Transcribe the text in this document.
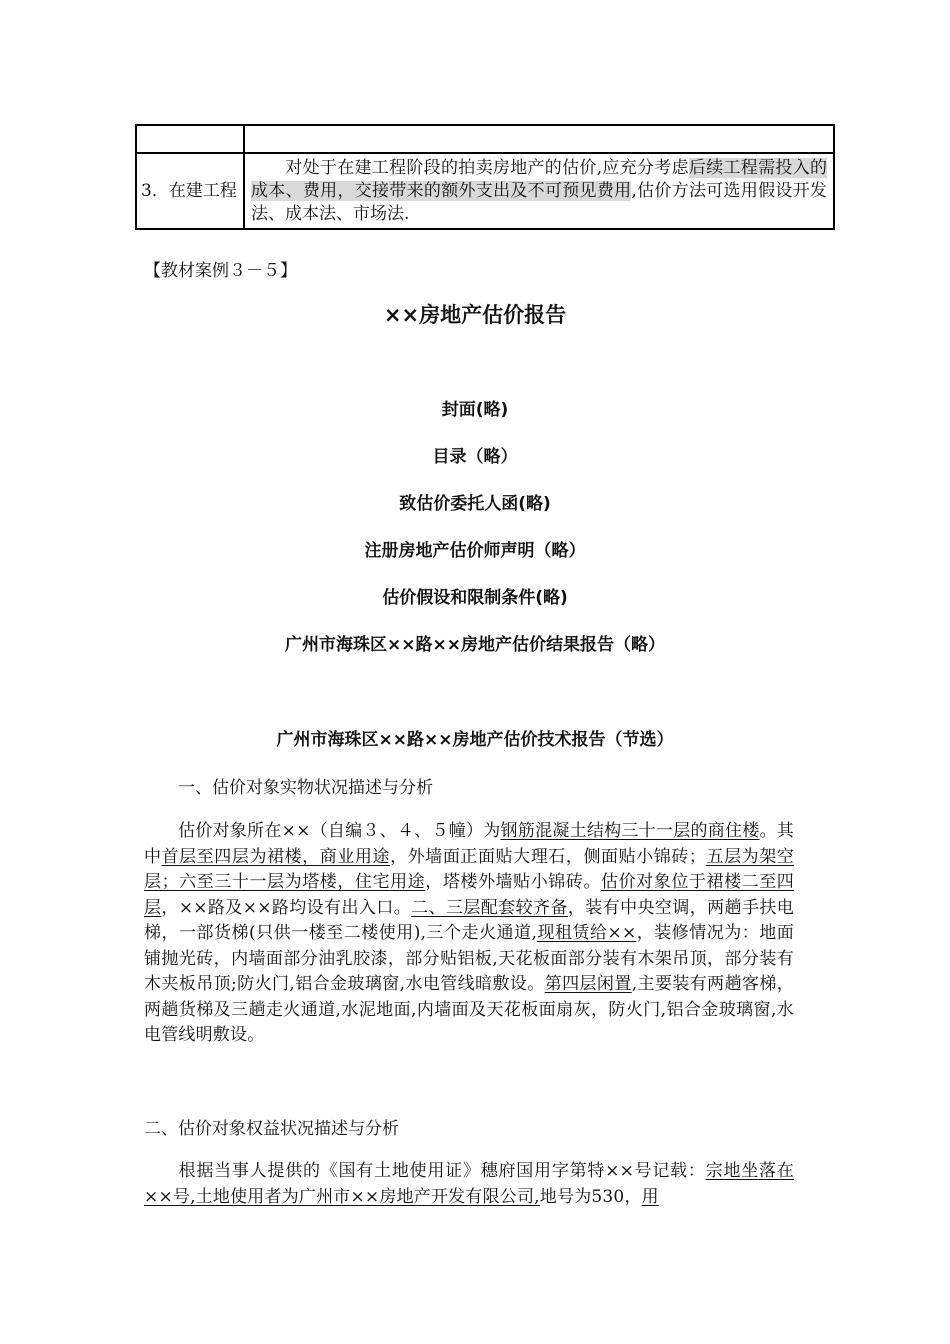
3．在建工程	对处于在建工程阶段的拍卖房地产的估价,应充分考虑后续工程需投入的成本、费用，交接带来的额外支出及不可预见费用,估价方法可选用假设开发法、成本法、市场法.
【教材案例３－５】
××房地产估价报告
封面(略)
目录（略）
致估价委托人函(略)
注册房地产估价师声明（略）
估价假设和限制条件(略)
广州市海珠区××路××房地产估价结果报告（略）
广州市海珠区××路××房地产估价技术报告（节选）
一、估价对象实物状况描述与分析
估价对象所在××（自编３、４、５幢）为钢筋混凝土结构三十一层的商住楼。其中首层至四层为裙楼，商业用途，外墙面正面贴大理石，侧面贴小锦砖；五层为架空层；六至三十一层为塔楼，住宅用途，塔楼外墙贴小锦砖。估价对象位于裙楼二至四层，××路及××路均设有出入口。二、三层配套较齐备，装有中央空调，两趟手扶电梯，一部货梯(只供一楼至二楼使用),三个走火通道,现租赁给××，装修情况为：地面铺抛光砖，内墙面部分油乳胶漆，部分贴铝板,天花板面部分装有木架吊顶，部分装有木夹板吊顶;防火门,铝合金玻璃窗,水电管线暗敷设。第四层闲置,主要装有两趟客梯，两趟货梯及三趟走火通道,水泥地面,内墙面及天花板面扇灰，防火门,铝合金玻璃窗,水电管线明敷设。
二、估价对象权益状况描述与分析
根据当事人提供的《国有土地使用证》穗府国用字第特××号记载：宗地坐落在××号,土地使用者为广州市××房地产开发有限公司,地号为530，用
